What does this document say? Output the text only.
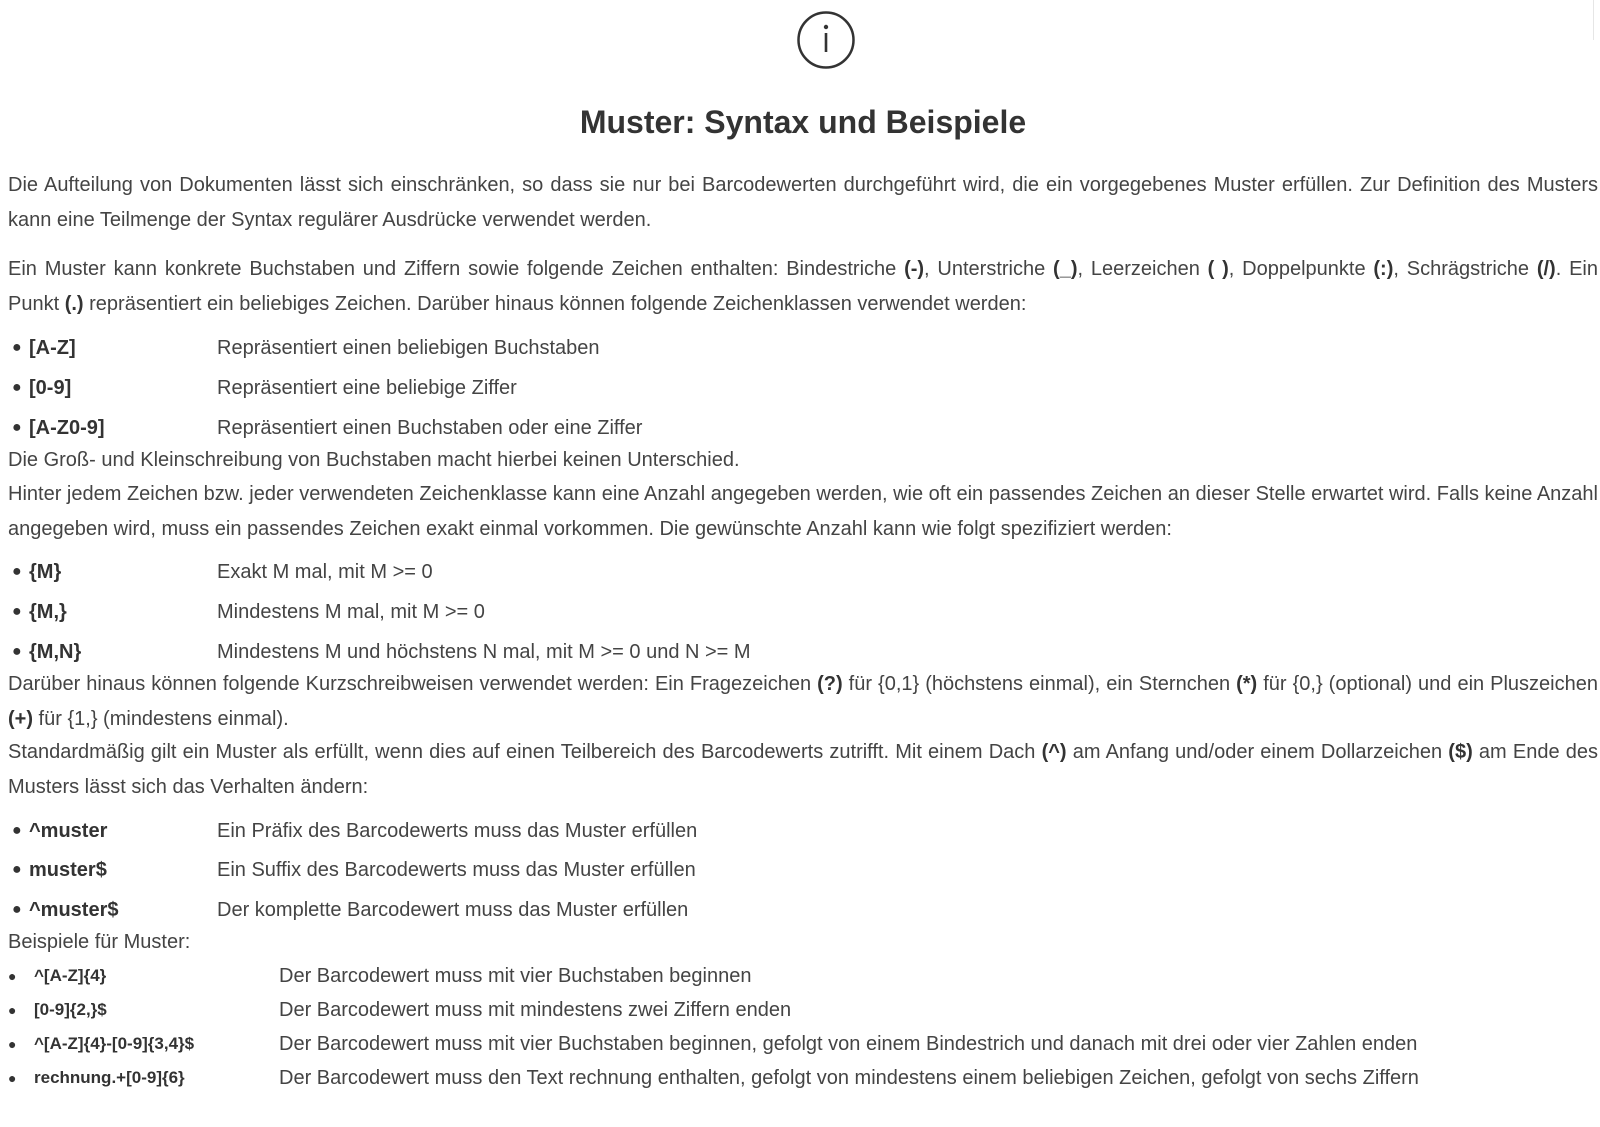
Muster: Syntax und Beispiele

Die Aufteilung von Dokumenten lässt sich einschränken, so dass sie nur bei Barcodewerten durchgeführt wird, die ein vorgegebenes Muster erfüllen. Zur Definition des Musters kann eine Teilmenge der Syntax regulärer Ausdrücke verwendet werden.

Ein Muster kann konkrete Buchstaben und Ziffern sowie folgende Zeichen enthalten: Bindestriche (-), Unterstriche (_), Leerzeichen ( ), Doppelpunkte (:), Schrägstriche (/). Ein Punkt (.) repräsentiert ein beliebiges Zeichen. Darüber hinaus können folgende Zeichenklassen verwendet werden:

● [A-Z]	Repräsentiert einen beliebigen Buchstaben
● [0-9]	Repräsentiert eine beliebige Ziffer
● [A-Z0-9]	Repräsentiert einen Buchstaben oder eine Ziffer

Die Groß- und Kleinschreibung von Buchstaben macht hierbei keinen Unterschied.

Hinter jedem Zeichen bzw. jeder verwendeten Zeichenklasse kann eine Anzahl angegeben werden, wie oft ein passendes Zeichen an dieser Stelle erwartet wird. Falls keine Anzahl angegeben wird, muss ein passendes Zeichen exakt einmal vorkommen. Die gewünschte Anzahl kann wie folgt spezifiziert werden:

● {M}	Exakt M mal, mit M >= 0
● {M,}	Mindestens M mal, mit M >= 0
● {M,N}	Mindestens M und höchstens N mal, mit M >= 0 und N >= M

Darüber hinaus können folgende Kurzschreibweisen verwendet werden: Ein Fragezeichen (?) für {0,1} (höchstens einmal), ein Sternchen (*) für {0,} (optional) und ein Pluszeichen (+) für {1,} (mindestens einmal).

Standardmäßig gilt ein Muster als erfüllt, wenn dies auf einen Teilbereich des Barcodewerts zutrifft. Mit einem Dach (^) am Anfang und/oder einem Dollarzeichen ($) am Ende des Musters lässt sich das Verhalten ändern:

● ^muster	Ein Präfix des Barcodewerts muss das Muster erfüllen
● muster$	Ein Suffix des Barcodewerts muss das Muster erfüllen
● ^muster$	Der komplette Barcodewert muss das Muster erfüllen

Beispiele für Muster:

● ^[A-Z]{4}	Der Barcodewert muss mit vier Buchstaben beginnen
● [0-9]{2,}$	Der Barcodewert muss mit mindestens zwei Ziffern enden
● ^[A-Z]{4}-[0-9]{3,4}$	Der Barcodewert muss mit vier Buchstaben beginnen, gefolgt von einem Bindestrich und danach mit drei oder vier Zahlen enden
● rechnung.+[0-9]{6}	Der Barcodewert muss den Text rechnung enthalten, gefolgt von mindestens einem beliebigen Zeichen, gefolgt von sechs Ziffern
